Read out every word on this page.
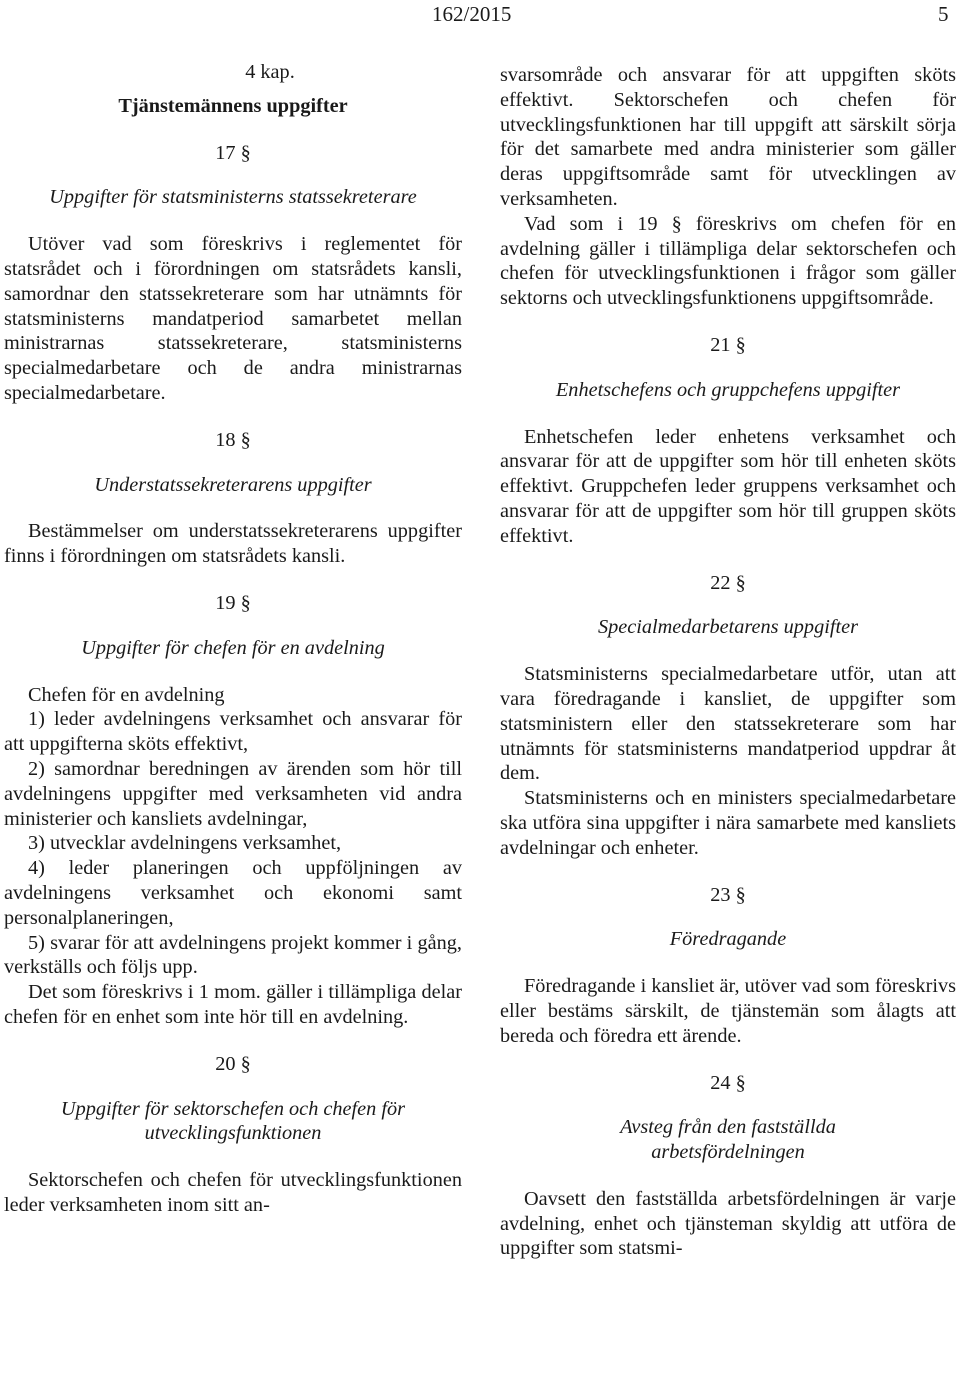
162/2015	5
4 kap.
Tjänstemännens uppgifter
17 §
Uppgifter för statsministerns statssekreterare

Utöver vad som föreskrivs i reglementet för statsrådet och i förordningen om statsrådets kansli, samordnar den statssekreterare som har utnämnts för statsministerns mandatperiod samarbetet mellan ministrarnas statssekreterare, statsministerns specialmedarbetare och de andra ministrarnas specialmedarbetare.

18 §
Understatssekreterarens uppgifter

Bestämmelser om understatssekreterarens uppgifter finns i förordningen om statsrådets kansli.

19 §
Uppgifter för chefen för en avdelning

Chefen för en avdelning

1) leder avdelningens verksamhet och ansvarar för att uppgifterna sköts effektivt,

2) samordnar beredningen av ärenden som hör till avdelningens uppgifter med verksamheten vid andra ministerier och kansliets avdelningar,

3) utvecklar avdelningens verksamhet,

4) leder planeringen och uppföljningen av avdelningens verksamhet och ekonomi samt personalplaneringen,

5) svarar för att avdelningens projekt kommer i gång, verkställs och följs upp.

Det som föreskrivs i 1 mom. gäller i tillämpliga delar chefen för en enhet som inte hör till en avdelning.

20 §
Uppgifter för sektorschefen och chefen för
utvecklingsfunktionen

Sektorschefen och chefen för utvecklingsfunktionen leder verksamheten inom sitt an-

svarsområde och ansvarar för att uppgiften sköts effektivt. Sektorschefen och chefen för utvecklingsfunktionen har till uppgift att särskilt sörja för det samarbete med andra ministerier som gäller deras uppgiftsområde samt för utvecklingen av verksamheten.

Vad som i 19 § föreskrivs om chefen för en avdelning gäller i tillämpliga delar sektorschefen och chefen för utvecklingsfunktionen i frågor som gäller sektorns och utvecklingsfunktionens uppgiftsområde.

21 §
Enhetschefens och gruppchefens uppgifter

Enhetschefen leder enhetens verksamhet och ansvarar för att de uppgifter som hör till enheten sköts effektivt. Gruppchefen leder gruppens verksamhet och ansvarar för att de uppgifter som hör till gruppen sköts effektivt.

22 §
Specialmedarbetarens uppgifter

Statsministerns specialmedarbetare utför, utan att vara föredragande i kansliet, de uppgifter som statsministern eller den statssekreterare som har utnämnts för statsministerns mandatperiod uppdrar åt dem.

Statsministerns och en ministers specialmedarbetare ska utföra sina uppgifter i nära samarbete med kansliets avdelningar och enheter.

23 §
Föredragande

Föredragande i kansliet är, utöver vad som föreskrivs eller bestäms särskilt, de tjänstemän som ålagts att bereda och föredra ett ärende.

24 §
Avsteg från den fastställda
arbetsfördelningen

Oavsett den fastställda arbetsfördelningen är varje avdelning, enhet och tjänsteman skyldig att utföra de uppgifter som statsmi-
